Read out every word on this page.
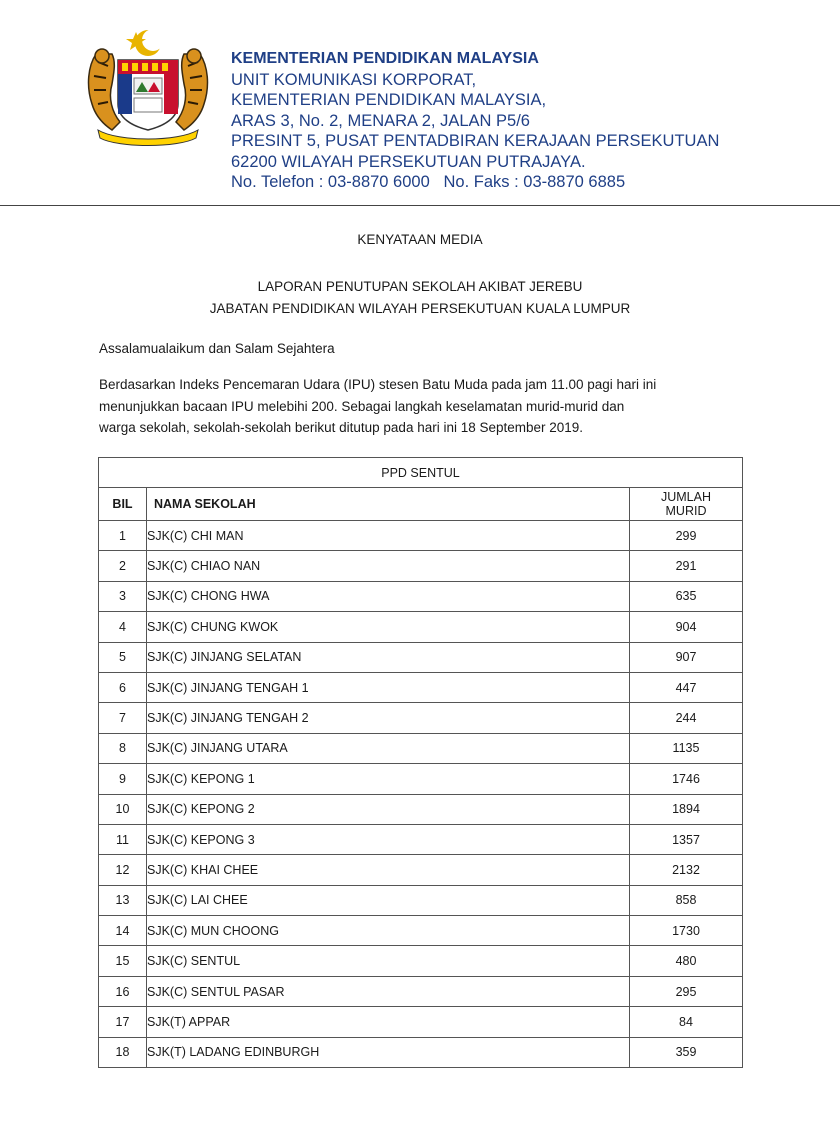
KEMENTERIAN PENDIDIKAN MALAYSIA
UNIT KOMUNIKASI KORPORAT,
KEMENTERIAN PENDIDIKAN MALAYSIA,
ARAS 3, No. 2, MENARA 2, JALAN P5/6
PRESINT 5, PUSAT PENTADBIRAN KERAJAAN PERSEKUTUAN
62200 WILAYAH PERSEKUTUAN PUTRAJAYA.
No. Telefon : 03-8870 6000   No. Faks : 03-8870 6885
KENYATAAN MEDIA
LAPORAN PENUTUPAN SEKOLAH AKIBAT JEREBU
JABATAN PENDIDIKAN WILAYAH PERSEKUTUAN KUALA LUMPUR
Assalamualaikum dan Salam Sejahtera
Berdasarkan Indeks Pencemaran Udara (IPU) stesen Batu Muda pada jam 11.00 pagi hari ini
menunjukkan bacaan IPU melebihi 200. Sebagai langkah keselamatan murid-murid dan
warga sekolah, sekolah-sekolah berikut ditutup pada hari ini 18 September 2019.
PPD SENTUL		
BIL	NAMA SEKOLAH	JUMLAH
MURID

1	SJK(C) CHI MAN	299
2	SJK(C) CHIAO NAN	291
3	SJK(C) CHONG HWA	635
4	SJK(C) CHUNG KWOK	904
5	SJK(C) JINJANG SELATAN	907
6	SJK(C) JINJANG TENGAH 1	447
7	SJK(C) JINJANG TENGAH 2	244
8	SJK(C) JINJANG UTARA	1135
9	SJK(C) KEPONG 1	1746
10	SJK(C) KEPONG 2	1894
11	SJK(C) KEPONG 3	1357
12	SJK(C) KHAI CHEE	2132
13	SJK(C) LAI CHEE	858
14	SJK(C) MUN CHOONG	1730
15	SJK(C) SENTUL	480
16	SJK(C) SENTUL PASAR	295
17	SJK(T) APPAR	84
18	SJK(T) LADANG EDINBURGH	359
